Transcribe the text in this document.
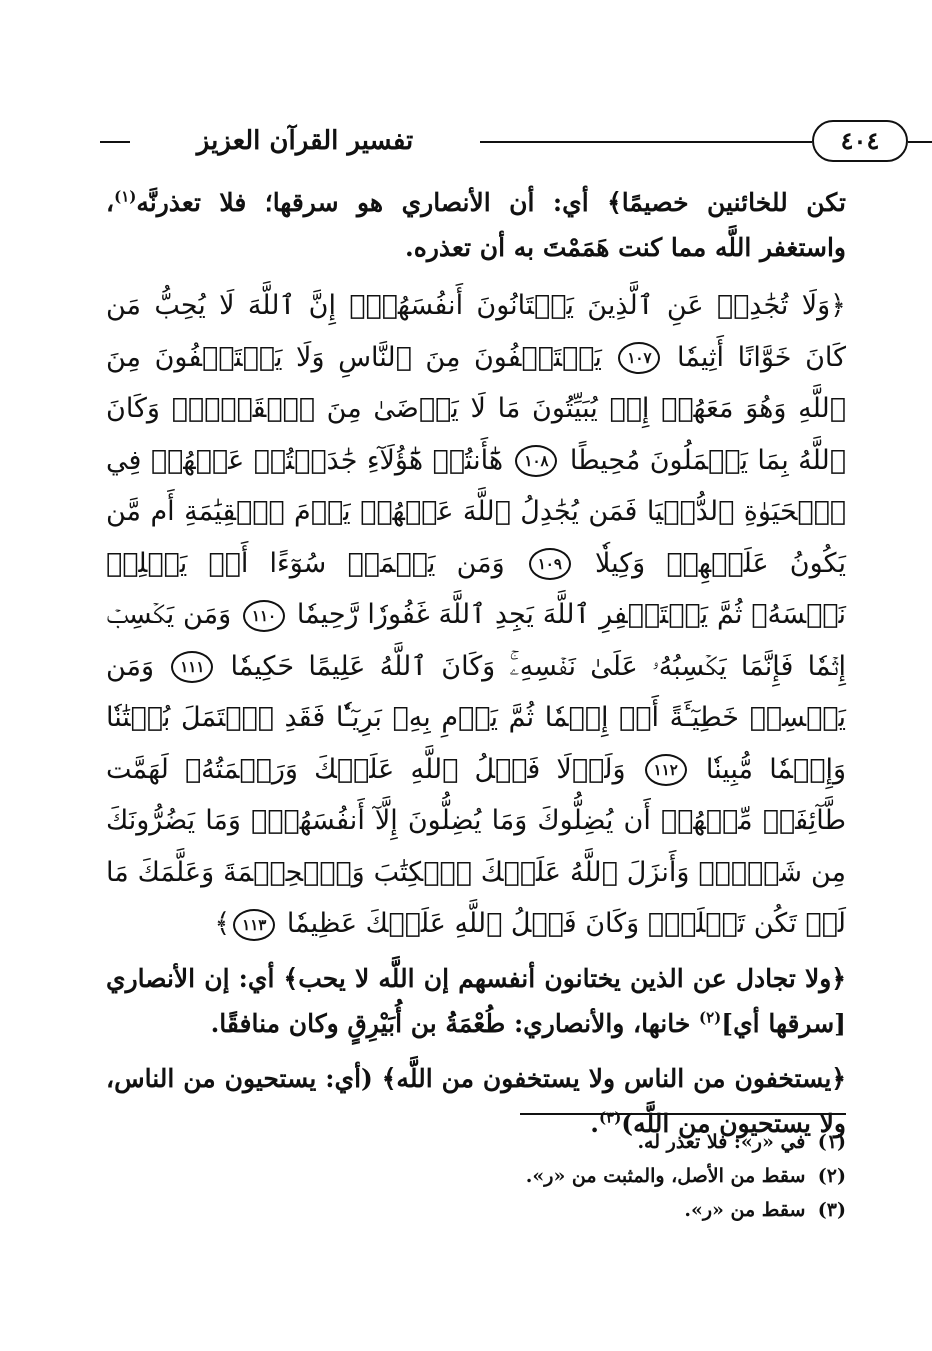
تفسير القرآن العزيز	٤٠٤

تكن للخائنين خصيمًا﴾ أي: أن الأنصاري هو سرقها؛ فلا تعذرنَّه$^{(١)}$، واستغفر اللَّه مما كنت هَمَمْتَ به أن تعذره.

﴿وَلَا تُجَٰدِلۡ عَنِ ٱلَّذِينَ يَخۡتَانُونَ أَنفُسَهُمۡۚ إِنَّ ٱللَّهَ لَا يُحِبُّ مَن كَانَ خَوَّانًا أَثِيمٗا ١٠٧ يَسۡتَخۡفُونَ مِنَ ٱلنَّاسِ وَلَا يَسۡتَخۡفُونَ مِنَ ٱللَّهِ وَهُوَ مَعَهُمۡ إِذۡ يُبَيِّتُونَ مَا لَا يَرۡضَىٰ مِنَ ٱلۡقَوۡلِۚ وَكَانَ ٱللَّهُ بِمَا يَعۡمَلُونَ مُحِيطًا ١٠٨ هَٰٓأَنتُمۡ هَٰٓؤُلَآءِ جَٰدَلۡتُمۡ عَنۡهُمۡ فِي ٱلۡحَيَوٰةِ ٱلدُّنۡيَا فَمَن يُجَٰدِلُ ٱللَّهَ عَنۡهُمۡ يَوۡمَ ٱلۡقِيَٰمَةِ أَم مَّن يَكُونُ عَلَيۡهِمۡ وَكِيلٗا ١٠٩ وَمَن يَعۡمَلۡ سُوٓءًا أَوۡ يَظۡلِمۡ نَفۡسَهُۥ ثُمَّ يَسۡتَغۡفِرِ ٱللَّهَ يَجِدِ ٱللَّهَ غَفُورٗا رَّحِيمٗا ١١٠ وَمَن يَكۡسِبۡ إِثۡمٗا فَإِنَّمَا يَكۡسِبُهُۥ عَلَىٰ نَفۡسِهِۦۚ وَكَانَ ٱللَّهُ عَلِيمًا حَكِيمٗا ١١١ وَمَن يَكۡسِبۡ خَطِيٓـَٔةً أَوۡ إِثۡمٗا ثُمَّ يَرۡمِ بِهِۦ بَرِيٓـٔٗا فَقَدِ ٱحۡتَمَلَ بُهۡتَٰنٗا وَإِثۡمٗا مُّبِينٗا ١١٢ وَلَوۡلَا فَضۡلُ ٱللَّهِ عَلَيۡكَ وَرَحۡمَتُهُۥ لَهَمَّت طَّآئِفَةٞ مِّنۡهُمۡ أَن يُضِلُّوكَ وَمَا يُضِلُّونَ إِلَّآ أَنفُسَهُمۡۖ وَمَا يَضُرُّونَكَ مِن شَيۡءٖۚ وَأَنزَلَ ٱللَّهُ عَلَيۡكَ ٱلۡكِتَٰبَ وَٱلۡحِكۡمَةَ وَعَلَّمَكَ مَا لَمۡ تَكُن تَعۡلَمُۚ وَكَانَ فَضۡلُ ٱللَّهِ عَلَيۡكَ عَظِيمٗا ١١٣﴾

﴿ولا تجادل عن الذين يختانون أنفسهم إن اللَّه لا يحب﴾ أي: إن الأنصاري [سرقها أي]$^{(٢)}$ خانها، والأنصاري: طُعْمَةُ بن أُبَيْرِقٍ وكان منافقًا.

﴿يستخفون من الناس ولا يستخفون من اللَّه﴾ (أي: يستحيون من الناس، ولا يستحيون من اللَّه)$^{(٣)}$.

(١) في «ر»: فلا تعذر له.
(٢) سقط من الأصل، والمثبت من «ر».
(٣) سقط من «ر».
